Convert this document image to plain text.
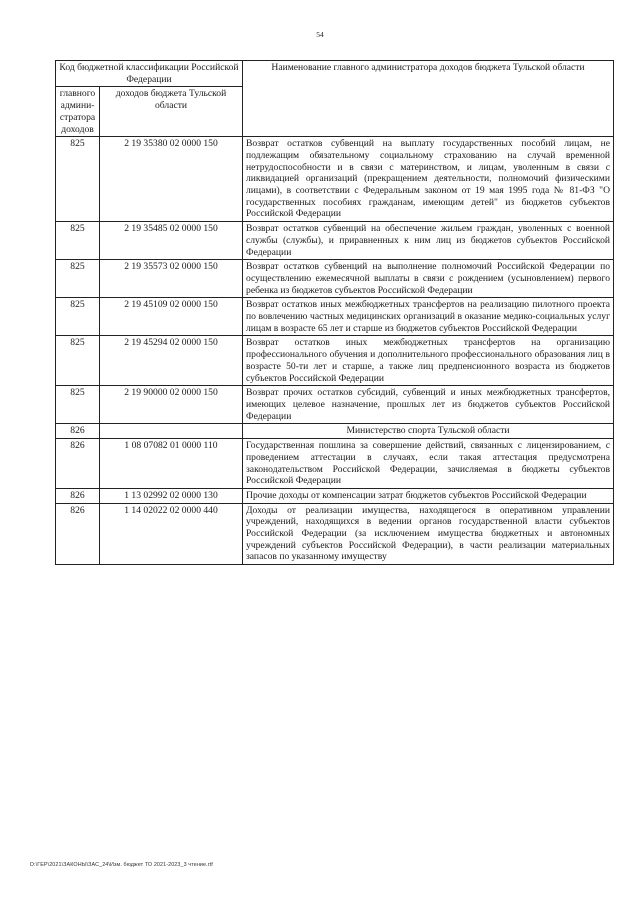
54
Код бюджетной классификации Российской Федерации		Наименование главного администратора доходов бюджета Тульской области
главного админи-стратора доходов	доходов бюджета Тульской области	
825	2 19 35380 02 0000 150	Возврат остатков субвенций на выплату государственных пособий лицам, не подлежащим обязательному социальному страхованию на случай временной нетрудоспособности и в связи с материнством, и лицам, уволенным в связи с ликвидацией организаций (прекращением деятельности, полномочий физическими лицами), в соответствии с Федеральным законом от 19 мая 1995 года № 81-ФЗ "О государственных пособиях гражданам, имеющим детей" из бюджетов субъектов Российской Федерации
825	2 19 35485 02 0000 150	Возврат остатков субвенций на обеспечение жильем граждан, уволенных с военной службы (службы), и приравненных к ним лиц из бюджетов субъектов Российской Федерации
825	2 19 35573 02 0000 150	Возврат остатков субвенций на выполнение полномочий Российской Федерации по осуществлению ежемесячной выплаты в связи с рождением (усыновлением) первого ребенка из бюджетов субъектов Российской Федерации
825	2 19 45109 02 0000 150	Возврат остатков иных межбюджетных трансфертов на реализацию пилотного проекта по вовлечению частных медицинских организаций в оказание медико-социальных услуг лицам в возрасте 65 лет и старше из бюджетов субъектов Российской Федерации
825	2 19 45294 02 0000 150	Возврат остатков иных межбюджетных трансфертов на организацию профессионального обучения и дополнительного профессионального образования лиц в возрасте 50-ти лет и старше, а также лиц предпенсионного возраста из бюджетов субъектов Российской Федерации
825	2 19 90000 02 0000 150	Возврат прочих остатков субсидий, субвенций и иных межбюджетных трансфертов, имеющих целевое назначение, прошлых лет из бюджетов субъектов Российской Федерации
826		Министерство спорта Тульской области
826	1 08 07082 01 0000 110	Государственная пошлина за совершение действий, связанных с лицензированием, с проведением аттестации в случаях, если такая аттестация предусмотрена законодательством Российской Федерации, зачисляемая в бюджеты субъектов Российской Федерации
826	1 13 02992 02 0000 130	Прочие доходы от компенсации затрат бюджетов субъектов Российской Федерации
826	1 14 02022 02 0000 440	Доходы от реализации имущества, находящегося в оперативном управлении учреждений, находящихся в ведении органов государственной власти субъектов Российской Федерации (за исключением имущества бюджетных и автономных учреждений субъектов Российской Федерации), в части реализации материальных запасов по указанному имуществу
D:\ГЕР\2021\ЗАКОНЫ\ЗАС_24\Изм. бюджет ТО 2021-2023_3 чтение.rtf
